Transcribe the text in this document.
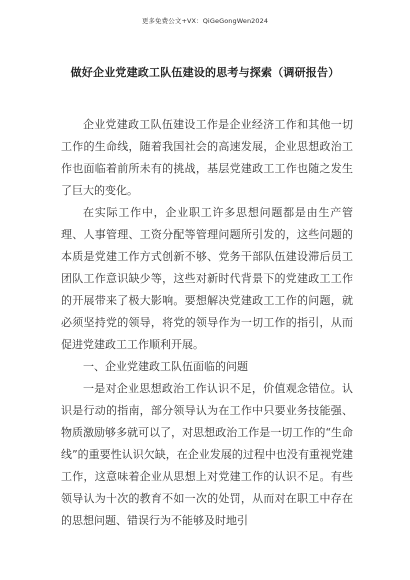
更多免费公文+VX：QiGeGongWen2024
做好企业党建政工队伍建设的思考与探索（调研报告）

企业党建政工队伍建设工作是企业经济工作和其他一切工作的生命线，随着我国社会的高速发展，企业思想政治工作也面临着前所未有的挑战，基层党建政工工作也随之发生了巨大的变化。

在实际工作中，企业职工许多思想问题都是由生产管理、人事管理、工资分配等管理问题所引发的，这些问题的本质是党建工作方式创新不够、党务干部队伍建设滞后员工团队工作意识缺少等，这些对新时代背景下的党建政工工作的开展带来了极大影响。要想解决党建政工工作的问题，就必须坚持党的领导，将党的领导作为一切工作的指引，从而促进党建政工工作顺利开展。

一、企业党建政工队伍面临的问题

一是对企业思想政治工作认识不足，价值观念错位。认识是行动的指南，部分领导认为在工作中只要业务技能强、物质激励够多就可以了，对思想政治工作是一切工作的“生命线”的重要性认识欠缺，在企业发展的过程中也没有重视党建工作，这意味着企业从思想上对党建工作的认识不足。有些领导认为十次的教育不如一次的处罚，从而对在职工中存在的思想问题、错误行为不能够及时地引
